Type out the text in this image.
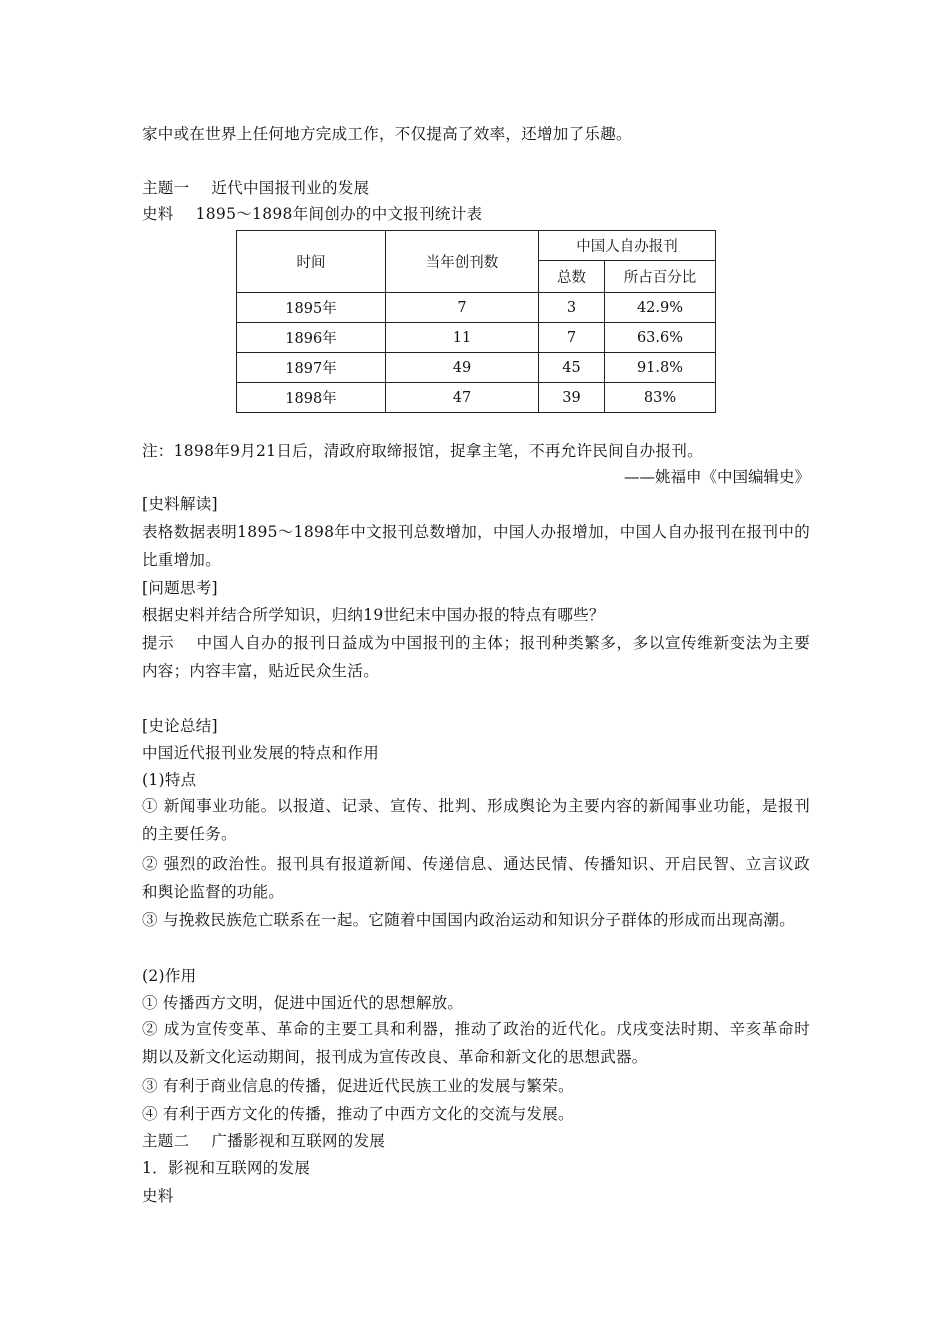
家中或在世界上任何地方完成工作，不仅提高了效率，还增加了乐趣。
主题一 近代中国报刊业的发展
史料 1895～1898年间创办的中文报刊统计表
时间	当年创刊数	中国人自办报刊	
		总数	所占百分比
1895年	7	3	42.9%
1896年	11	7	63.6%
1897年	49	45	91.8%
1898年	47	39	83%
注：1898年9月21日后，清政府取缔报馆，捉拿主笔，不再允许民间自办报刊。
——姚福申《中国编辑史》
[史料解读]
表格数据表明1895～1898年中文报刊总数增加，中国人办报增加，中国人自办报刊在报刊中的比重增加。
[问题思考]
根据史料并结合所学知识，归纳19世纪末中国办报的特点有哪些？
提示 中国人自办的报刊日益成为中国报刊的主体；报刊种类繁多，多以宣传维新变法为主要内容；内容丰富，贴近民众生活。
[史论总结]
中国近代报刊业发展的特点和作用
(1)特点
① 新闻事业功能。以报道、记录、宣传、批判、形成舆论为主要内容的新闻事业功能，是报刊的主要任务。
② 强烈的政治性。报刊具有报道新闻、传递信息、通达民情、传播知识、开启民智、立言议政和舆论监督的功能。
③ 与挽救民族危亡联系在一起。它随着中国国内政治运动和知识分子群体的形成而出现高潮。
(2)作用
① 传播西方文明，促进中国近代的思想解放。
② 成为宣传变革、革命的主要工具和利器，推动了政治的近代化。戊戌变法时期、辛亥革命时期以及新文化运动期间，报刊成为宣传改良、革命和新文化的思想武器。
③ 有利于商业信息的传播，促进近代民族工业的发展与繁荣。
④ 有利于西方文化的传播，推动了中西方文化的交流与发展。
主题二 广播影视和互联网的发展
1．影视和互联网的发展
史料
